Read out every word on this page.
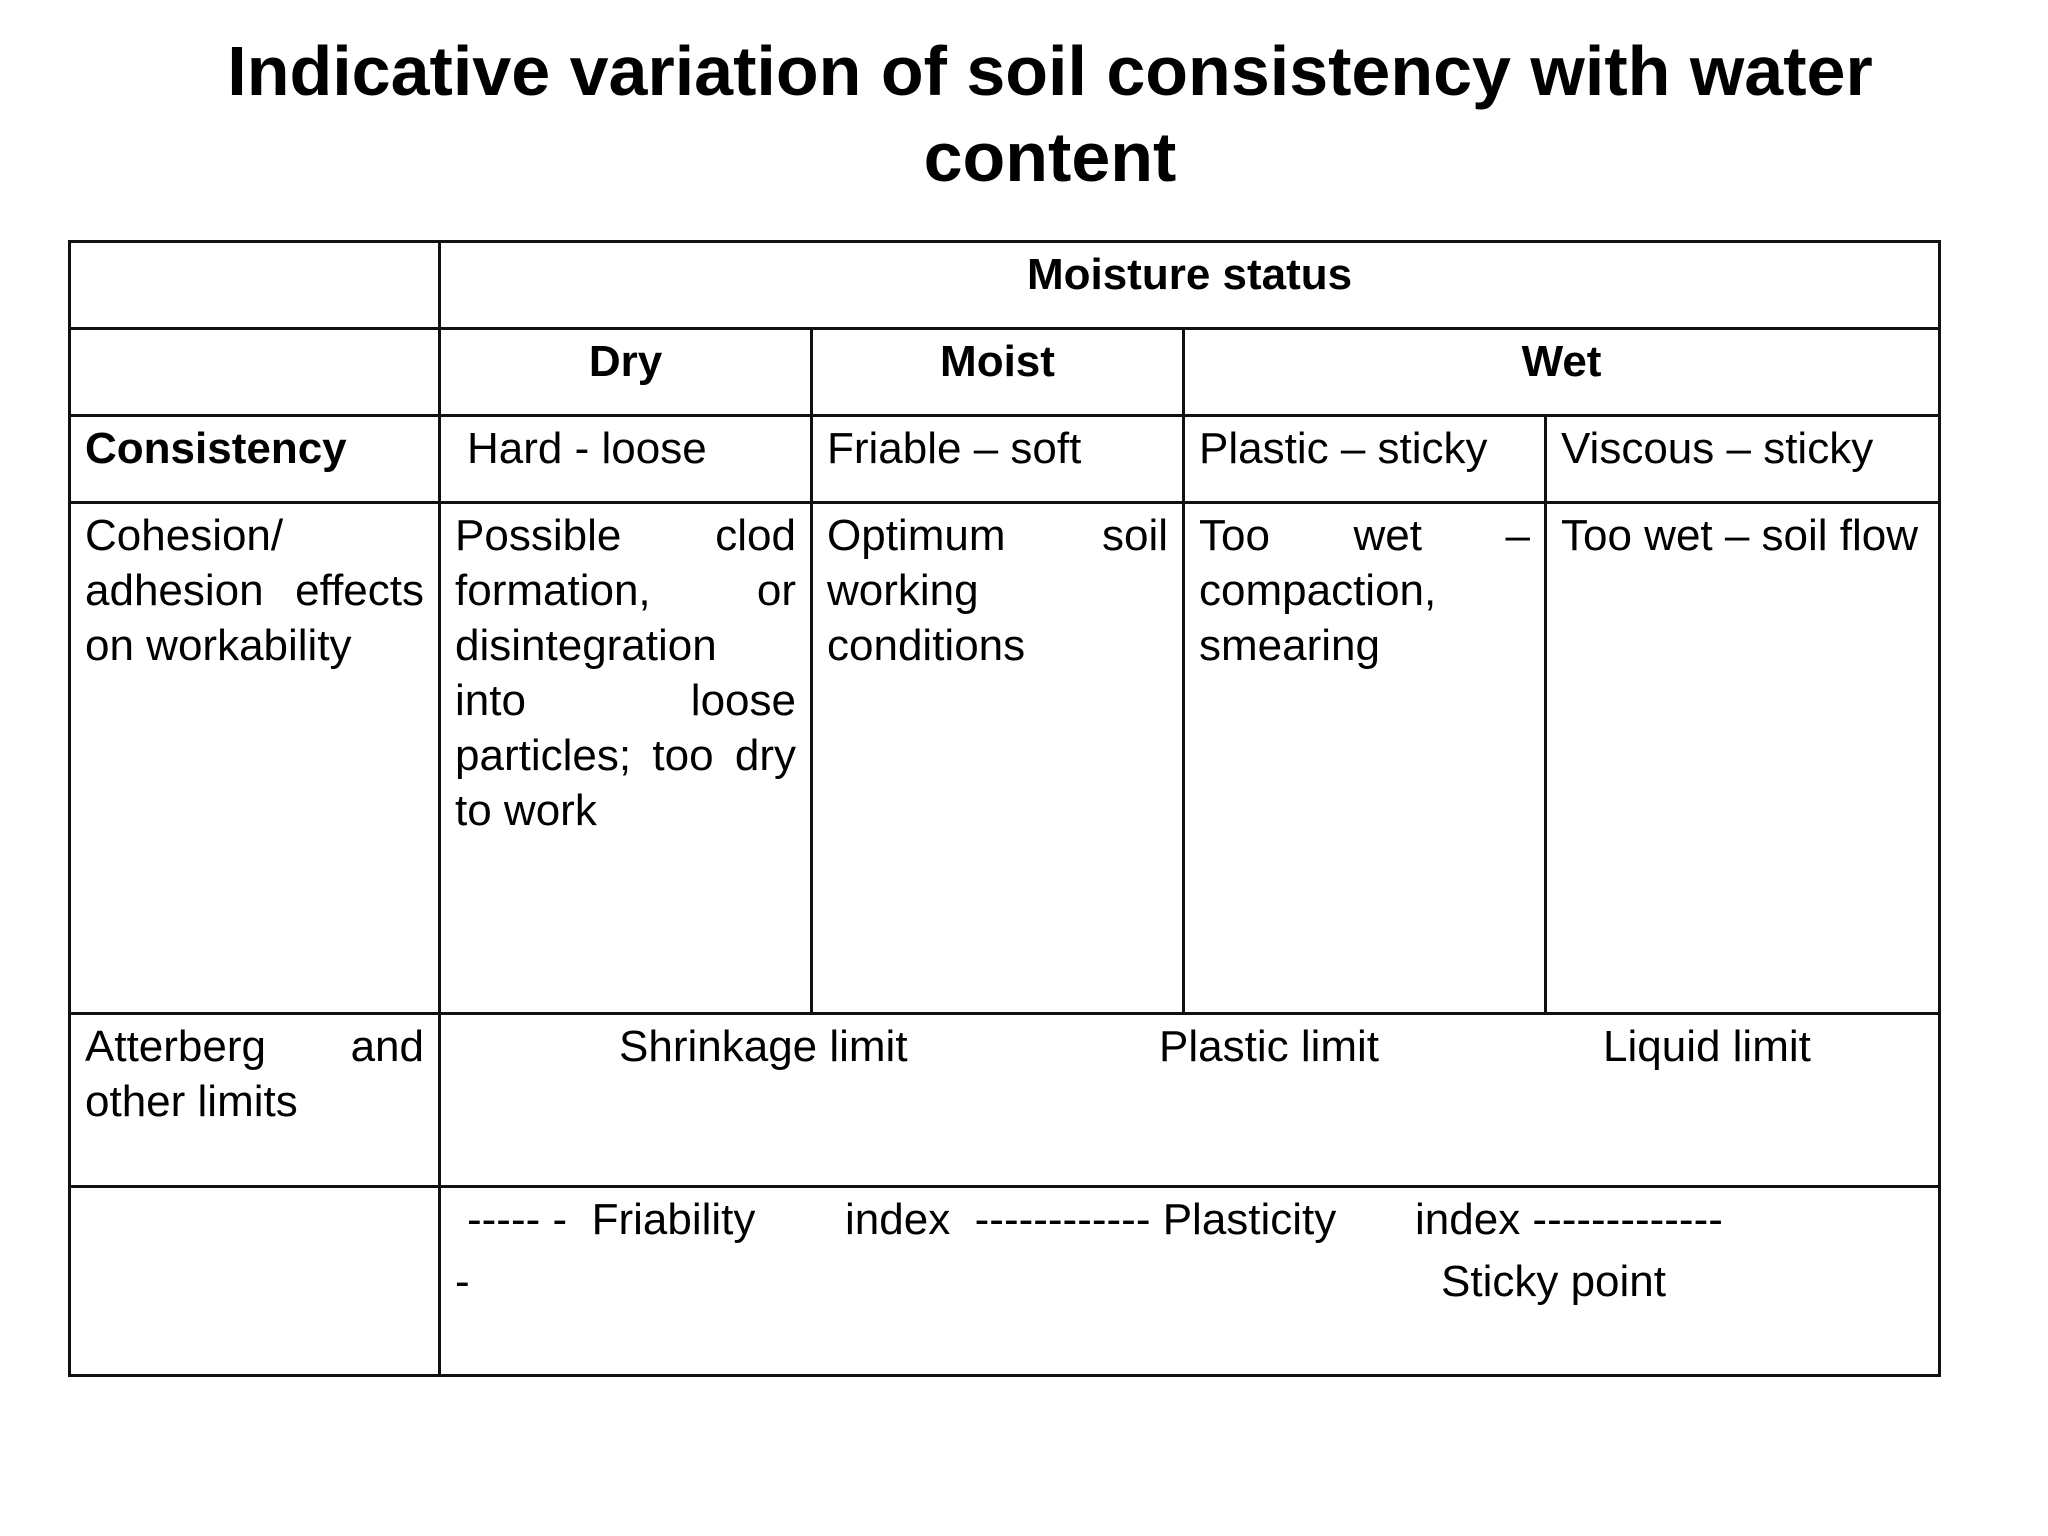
Indicative variation of soil consistency with water content
	Moisture status			
	Dry	Moist	Wet	
Consistency	Hard - loose	Friable – soft	Plastic – sticky	Viscous – sticky
Cohesion/ adhesion effects on workability	Possible clod formation, or disintegration into loose particles; too dry to work	Optimum soil working conditions	Too wet – compaction, smearing	Too wet – soil flow
Atterberg and other limits	Shrinkage limit Plastic limit Liquid limit			

	----- -  Friability index  ------------ Plasticity index -------------
- Sticky point			
